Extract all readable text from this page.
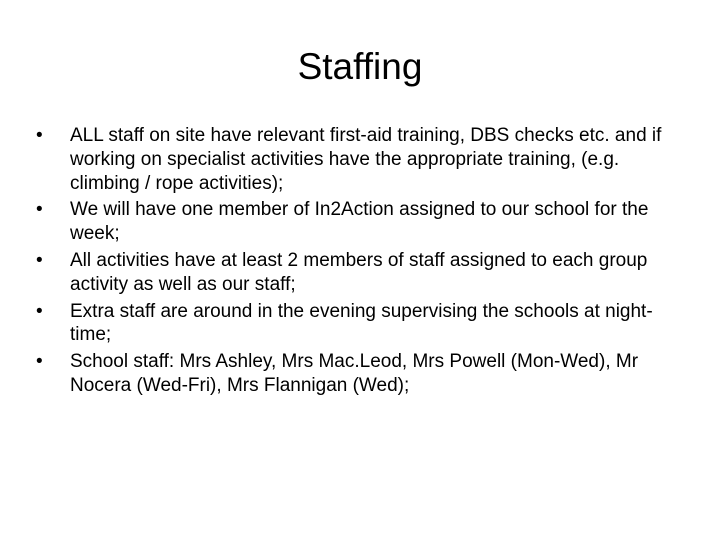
Staffing
•	ALL staff on site have relevant first-aid training, DBS checks etc. and if working on specialist activities have the appropriate training, (e.g. climbing / rope activities);
•	We will have one member of In2Action assigned to our school for the week;
•	All activities have at least 2 members of staff assigned to each group activity as well as our staff;
•	Extra staff are around in the evening supervising the schools at night-time;
•	School staff: Mrs Ashley, Mrs Mac.Leod, Mrs Powell (Mon-Wed), Mr Nocera (Wed-Fri), Mrs Flannigan (Wed);
